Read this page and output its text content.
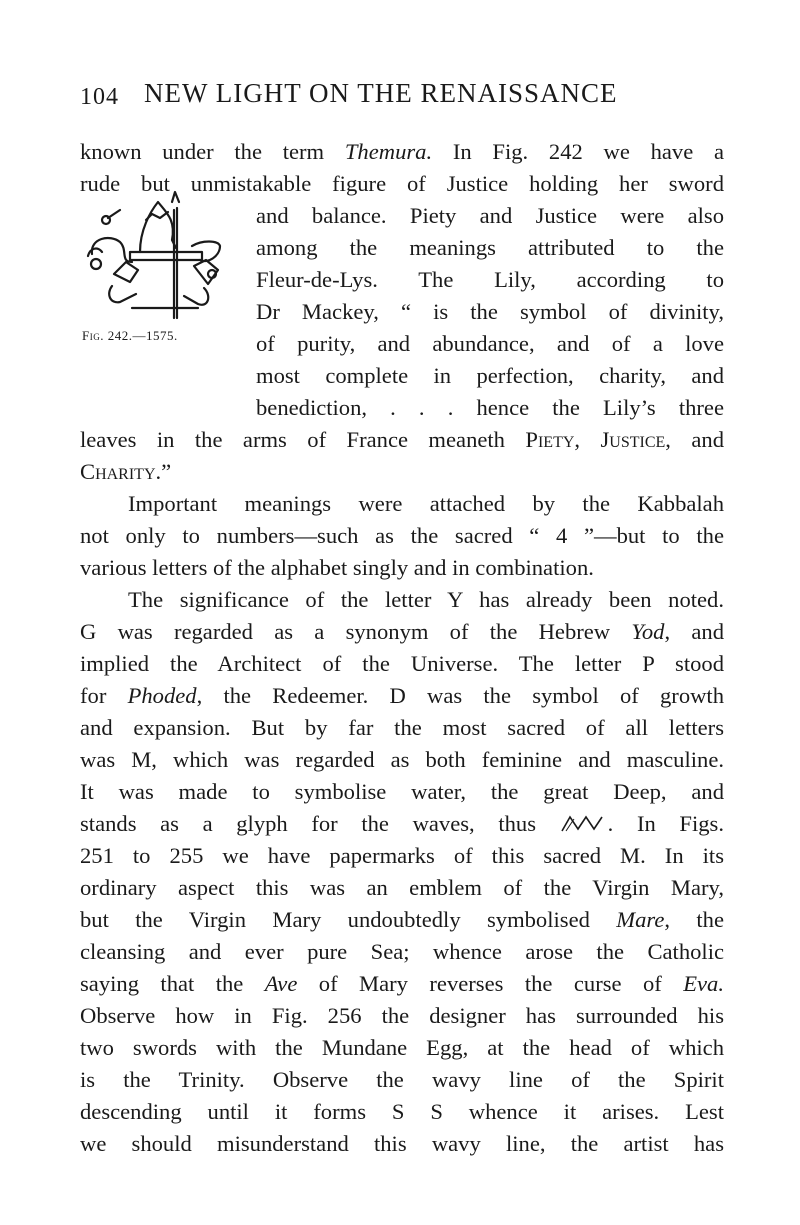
104 NEW LIGHT ON THE RENAISSANCE
Fig. 242.—1575.
known under the term Themura. In Fig. 242 we have a
rude but unmistakable figure of Justice holding her sword
and balance. Piety and Justice were also
among the meanings attributed to the
Fleur-de-Lys. The Lily, according to
Dr Mackey, “ is the symbol of divinity,
of purity, and abundance, and of a love
most complete in perfection, charity, and
benediction, . . . hence the Lily’s three
leaves in the arms of France meaneth Piety, Justice, and
Charity.”
Important meanings were attached by the Kabbalah
not only to numbers—such as the sacred “ 4 ”—but to the
various letters of the alphabet singly and in combination.
The significance of the letter Y has already been noted.
G was regarded as a synonym of the Hebrew Yod, and
implied the Architect of the Universe. The letter P stood
for Phoded, the Redeemer. D was the symbol of growth
and expansion. But by far the most sacred of all letters
was M, which was regarded as both feminine and masculine.
It was made to symbolise water, the great Deep, and
stands as a glyph for the waves, thus . In Figs.
251 to 255 we have papermarks of this sacred M. In its
ordinary aspect this was an emblem of the Virgin Mary,
but the Virgin Mary undoubtedly symbolised Mare, the
cleansing and ever pure Sea; whence arose the Catholic
saying that the Ave of Mary reverses the curse of Eva.
Observe how in Fig. 256 the designer has surrounded his
two swords with the Mundane Egg, at the head of which
is the Trinity. Observe the wavy line of the Spirit
descending until it forms S S whence it arises. Lest
we should misunderstand this wavy line, the artist has
